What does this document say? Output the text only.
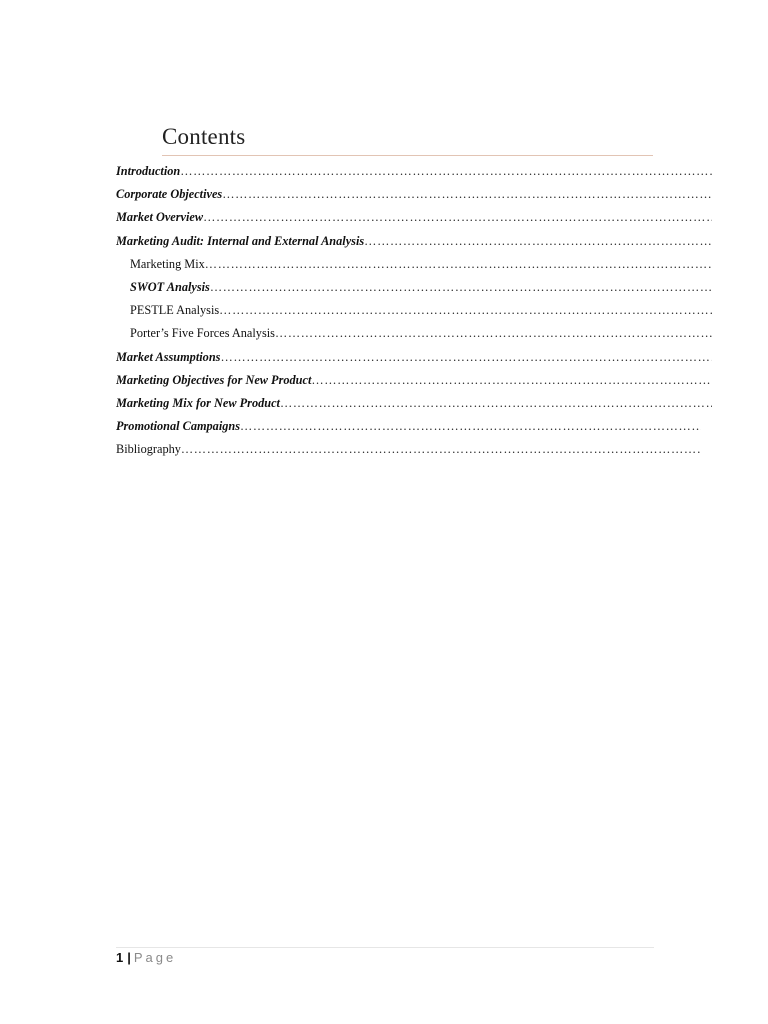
Contents
Introduction
……………………………………………………………………………………………………………………………………………………………………………………………………………………
Corporate Objectives
……………………………………………………………………………………………………………………………………………………………………………………………………………………
Market Overview
……………………………………………………………………………………………………………………………………………………………………………………………………………………
Marketing Audit: Internal and External Analysis
……………………………………………………………………………………………………………………………………………………………………………………………………………………
Marketing Mix
……………………………………………………………………………………………………………………………………………………………………………………………………………………
SWOT Analysis
……………………………………………………………………………………………………………………………………………………………………………………………………………………
PESTLE Analysis
……………………………………………………………………………………………………………………………………………………………………………………………………………………
Porter’s Five Forces Analysis
……………………………………………………………………………………………………………………………………………………………………………………………………………………
Market Assumptions
……………………………………………………………………………………………………………………………………………………………………………………………………………………
Marketing Objectives for New Product
……………………………………………………………………………………………………………………………………………………………………………………………………………………
Marketing Mix for New Product
……………………………………………………………………………………………………………………………………………………………………………………………………………………
Promotional Campaigns
……………………………………………………………………………………………………………………………………………………………………………………………………………………
Bibliography
……………………………………………………………………………………………………………………………………………………………………………………………………………………
1 | Page
